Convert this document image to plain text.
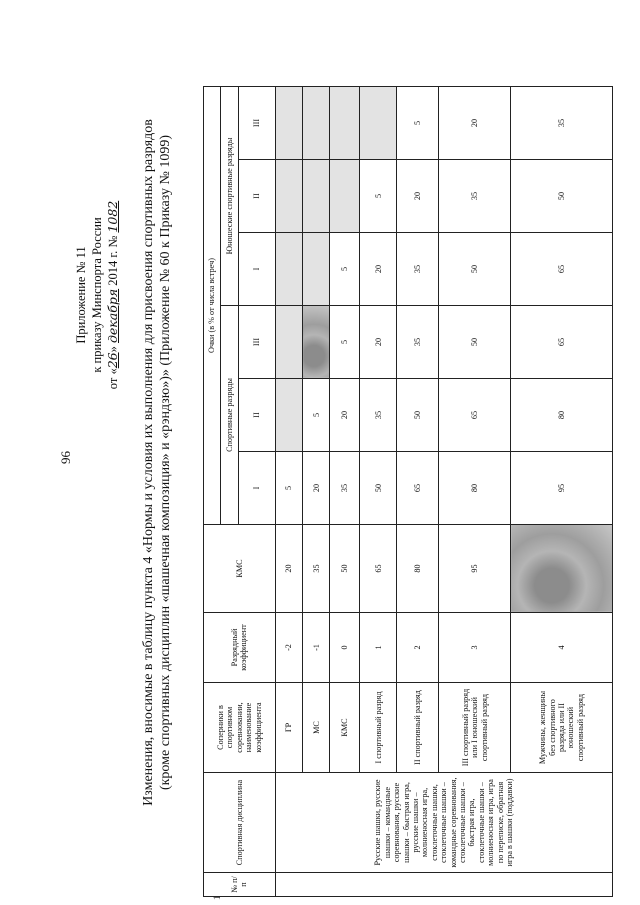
96
Приложение № 11 к приказу Минспорта России
от «26» декабря 2014 г. № 1082 Изменения, вносимые в таблицу пункта 4 «Нормы и условия их выполнения для присвоения спортивных разрядов (кроме спортивных дисциплин «шашечная композиция» и «рэндзю»)» (Приложение № 60 к Приказу № 1099)
1
№ п/п	Спортивная дисциплина	Соперники в спортивном соревновании, наименование коэффициента	Разрядный коэффициент	КМС	Очки (в % от числа встреч)					
					Спортивные разряды			Юношеские спортивные разряды		
					I	II	III	I	II	III
	Русские шашки, русские шашки – командные соревнования, русские шашки – быстрая игра, русские шашки – молниеносная игра, стоклеточные шашки, стоклеточные шашки – командные соревнования, стоклеточные шашки – быстрая игра, стоклеточные шашки – молниеносная игра, игра по переписке, обратная игра в шашки (поддавки)	ГР	-2	20	5					
		МС	-1	35	20	5				
		КМС	0	50	35	20	5	5		
		I спортивный разряд	1	65	50	35	20	20	5	
		II спортивный разряд	2	80	65	50	35	35	20	5
		III спортивный разряд или I юношеский спортивный разряд	3	95	80	65	50	50	35	20
		Мужчины, женщины без спортивного разряда или II юношеский спортивный разряд	4		95	80	65	65	50	35
